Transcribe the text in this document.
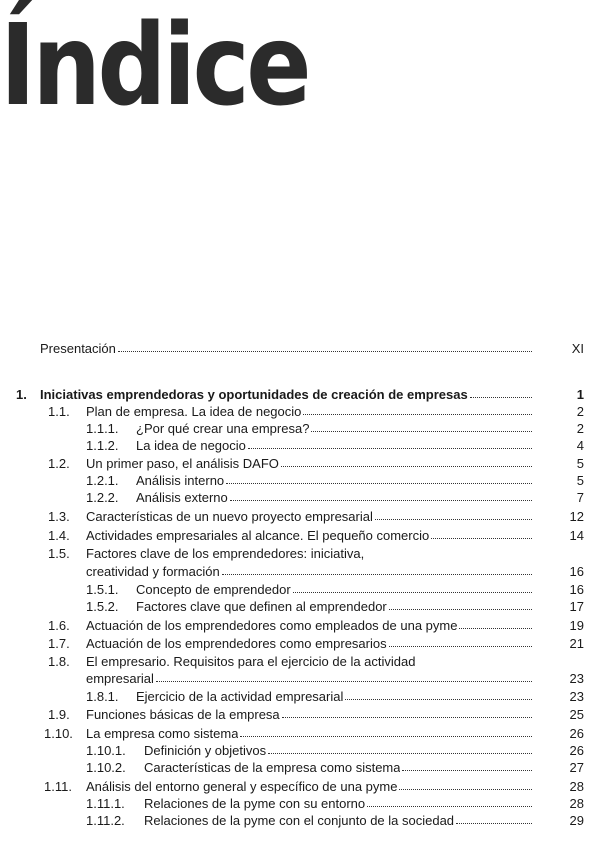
Índice
Presentación	XI
1. Iniciativas emprendedoras y oportunidades de creación de empresas	1
1.1. Plan de empresa. La idea de negocio	2
1.1.1. ¿Por qué crear una empresa?	2
1.1.2. La idea de negocio	4
1.2. Un primer paso, el análisis DAFO	5
1.2.1. Análisis interno	5
1.2.2. Análisis externo	7
1.3. Características de un nuevo proyecto empresarial	12
1.4. Actividades empresariales al alcance. El pequeño comercio	14
1.5. Factores clave de los emprendedores: iniciativa,
creatividad y formación	16
1.5.1. Concepto de emprendedor	16
1.5.2. Factores clave que definen al emprendedor	17
1.6. Actuación de los emprendedores como empleados de una pyme	19
1.7. Actuación de los emprendedores como empresarios	21
1.8. El empresario. Requisitos para el ejercicio de la actividad
empresarial	23
1.8.1. Ejercicio de la actividad empresarial	23
1.9. Funciones básicas de la empresa	25
1.10. La empresa como sistema	26
1.10.1. Definición y objetivos	26
1.10.2. Características de la empresa como sistema	27
1.11. Análisis del entorno general y específico de una pyme	28
1.11.1. Relaciones de la pyme con su entorno	28
1.11.2. Relaciones de la pyme con el conjunto de la sociedad	29
